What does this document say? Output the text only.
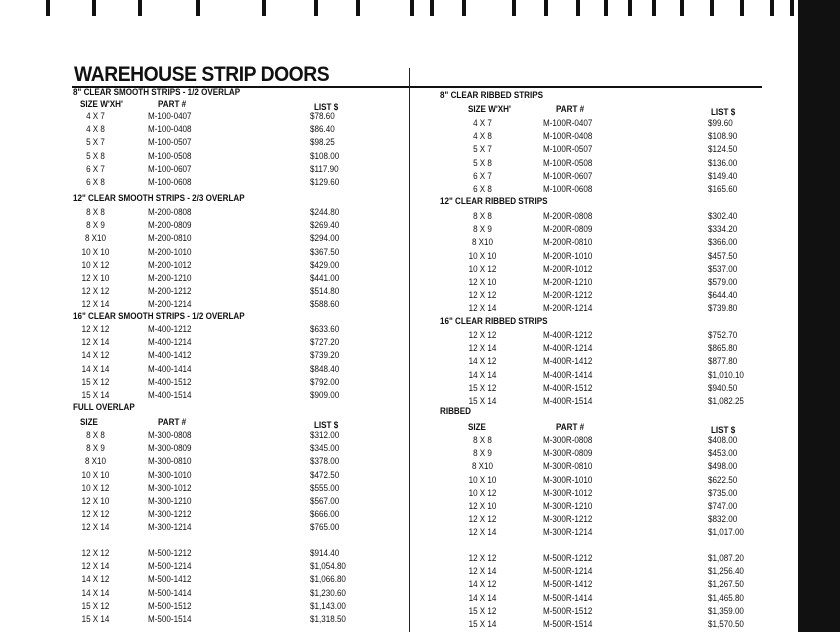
WAREHOUSE STRIP DOORS
8" CLEAR SMOOTH STRIPS - 1/2 OVERLAP
SIZE W'XH'	PART #	LIST $
4 X 7	M-100-0407	$78.60
4 X 8	M-100-0408	$86.40
5 X 7	M-100-0507	$98.25
5 X 8	M-100-0508	$108.00
6 X 7	M-100-0607	$117.90
6 X 8	M-100-0608	$129.60
12" CLEAR SMOOTH STRIPS - 2/3 OVERLAP
8 X 8	M-200-0808	$244.80
8 X 9	M-200-0809	$269.40
8 X10	M-200-0810	$294.00
10 X 10	M-200-1010	$367.50
10 X 12	M-200-1012	$429.00
12 X 10	M-200-1210	$441.00
12 X 12	M-200-1212	$514.80
12 X 14	M-200-1214	$588.60
16" CLEAR SMOOTH STRIPS - 1/2 OVERLAP
12 X 12	M-400-1212	$633.60
12 X 14	M-400-1214	$727.20
14 X 12	M-400-1412	$739.20
14 X 14	M-400-1414	$848.40
15 X 12	M-400-1512	$792.00
15 X 14	M-400-1514	$909.00
FULL OVERLAP
SIZE	PART #	LIST $
8 X 8	M-300-0808	$312.00
8 X 9	M-300-0809	$345.00
8 X10	M-300-0810	$378.00
10 X 10	M-300-1010	$472.50
10 X 12	M-300-1012	$555.00
12 X 10	M-300-1210	$567.00
12 X 12	M-300-1212	$666.00
12 X 14	M-300-1214	$765.00
12 X 12	M-500-1212	$914.40
12 X 14	M-500-1214	$1,054.80
14 X 12	M-500-1412	$1,066.80
14 X 14	M-500-1414	$1,230.60
15 X 12	M-500-1512	$1,143.00
15 X 14	M-500-1514	$1,318.50
8" CLEAR RIBBED STRIPS
SIZE W'XH'	PART #	LIST $
4 X 7	M-100R-0407	$99.60
4 X 8	M-100R-0408	$108.90
5 X 7	M-100R-0507	$124.50
5 X 8	M-100R-0508	$136.00
6 X 7	M-100R-0607	$149.40
6 X 8	M-100R-0608	$165.60
12" CLEAR RIBBED STRIPS
8 X 8	M-200R-0808	$302.40
8 X 9	M-200R-0809	$334.20
8 X10	M-200R-0810	$366.00
10 X 10	M-200R-1010	$457.50
10 X 12	M-200R-1012	$537.00
12 X 10	M-200R-1210	$579.00
12 X 12	M-200R-1212	$644.40
12 X 14	M-200R-1214	$739.80
16" CLEAR RIBBED STRIPS
12 X 12	M-400R-1212	$752.70
12 X 14	M-400R-1214	$865.80
14 X 12	M-400R-1412	$877.80
14 X 14	M-400R-1414	$1,010.10
15 X 12	M-400R-1512	$940.50
15 X 14	M-400R-1514	$1,082.25
RIBBED
SIZE	PART #	LIST $
8 X 8	M-300R-0808	$408.00
8 X 9	M-300R-0809	$453.00
8 X10	M-300R-0810	$498.00
10 X 10	M-300R-1010	$622.50
10 X 12	M-300R-1012	$735.00
12 X 10	M-300R-1210	$747.00
12 X 12	M-300R-1212	$832.00
12 X 14	M-300R-1214	$1,017.00
12 X 12	M-500R-1212	$1,087.20
12 X 14	M-500R-1214	$1,256.40
14 X 12	M-500R-1412	$1,267.50
14 X 14	M-500R-1414	$1,465.80
15 X 12	M-500R-1512	$1,359.00
15 X 14	M-500R-1514	$1,570.50
